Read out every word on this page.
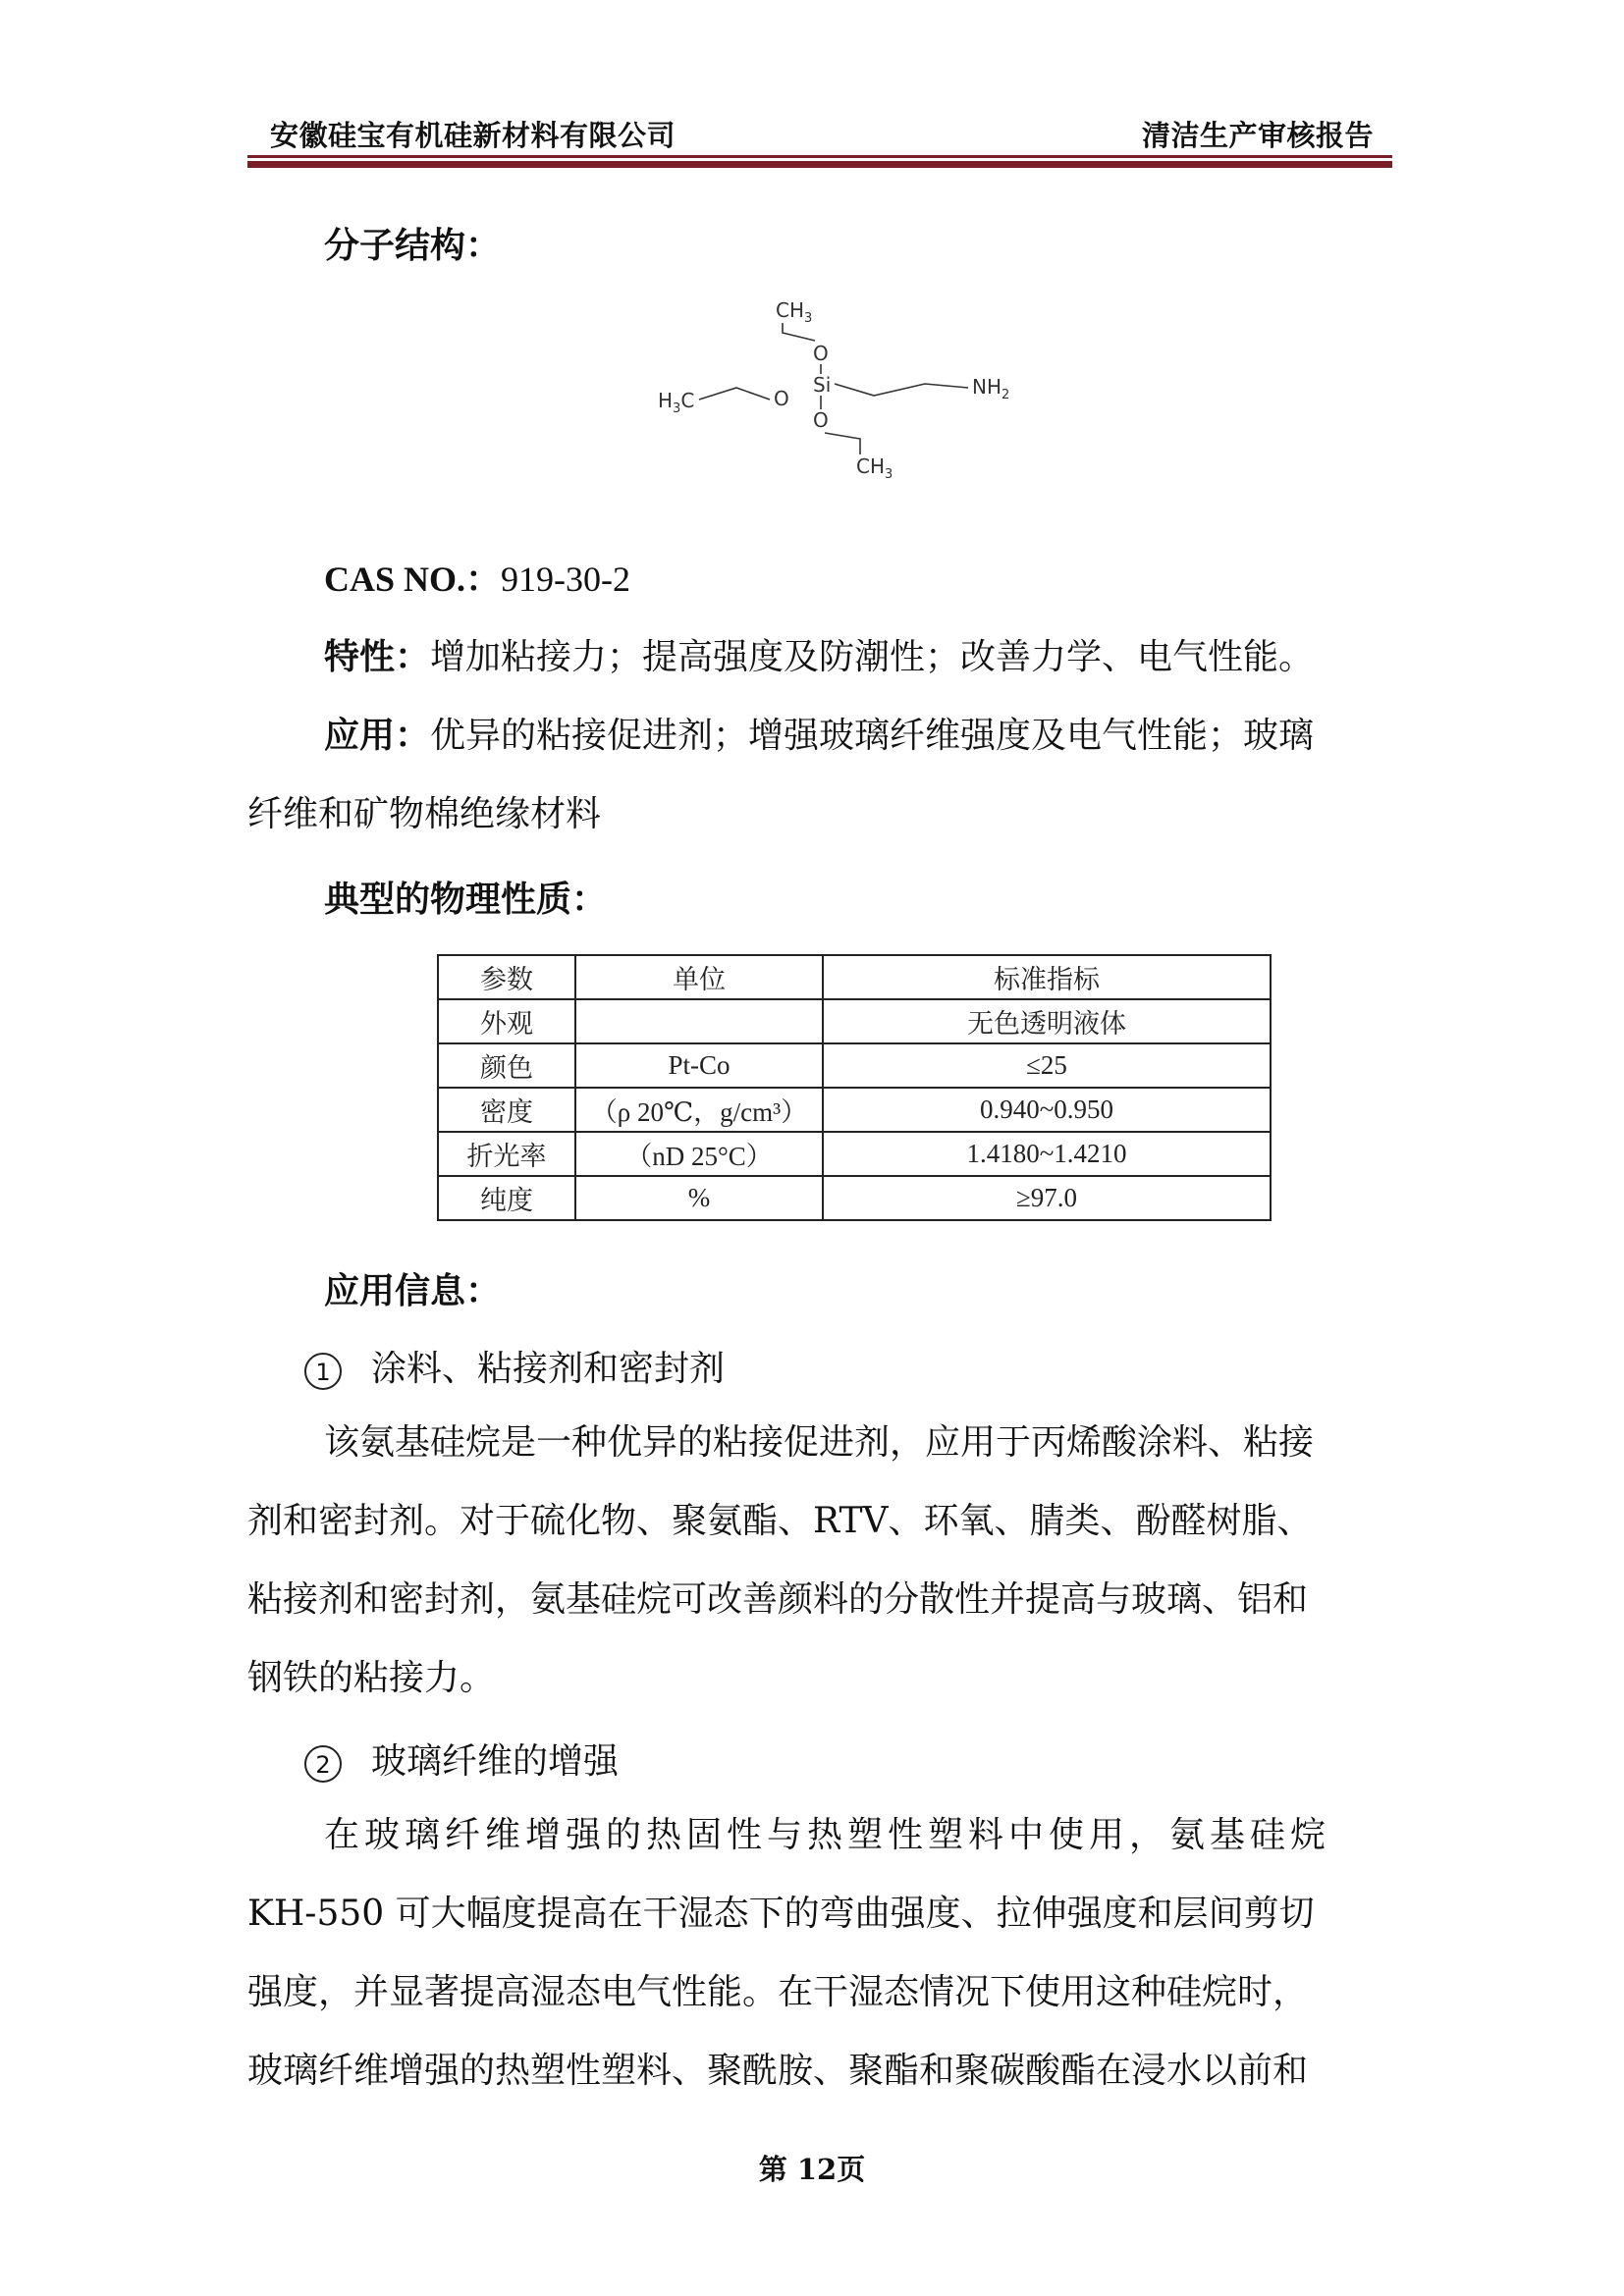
安徽硅宝有机硅新材料有限公司	清洁生产审核报告
分子结构：
$CH_3$
O
$H_3C$	O
Si
O
$CH_3$
$NH_2$
CAS NO.：919-30-2
特性：增加粘接力；提高强度及防潮性；改善力学、电气性能。
应用：优异的粘接促进剂；增强玻璃纤维强度及电气性能；玻璃
纤维和矿物棉绝缘材料
典型的物理性质：
参数	单位	标准指标
外观		无色透明液体
颜色	Pt-Co	≤25
密度	（ρ 20℃，g/cm³）	0.940~0.950
折光率	（nD 25°C）	1.4180~1.4210
纯度	%	≥97.0
应用信息：
1 涂料、粘接剂和密封剂
该氨基硅烷是一种优异的粘接促进剂，应用于丙烯酸涂料、粘接
剂和密封剂。对于硫化物、聚氨酯、RTV、环氧、腈类、酚醛树脂、
粘接剂和密封剂，氨基硅烷可改善颜料的分散性并提高与玻璃、铝和
钢铁的粘接力。
2 玻璃纤维的增强
在玻璃纤维增强的热固性与热塑性塑料中使用，氨基硅烷
KH-550 可大幅度提高在干湿态下的弯曲强度、拉伸强度和层间剪切
强度，并显著提高湿态电气性能。在干湿态情况下使用这种硅烷时，
玻璃纤维增强的热塑性塑料、聚酰胺、聚酯和聚碳酸酯在浸水以前和
第 12页
